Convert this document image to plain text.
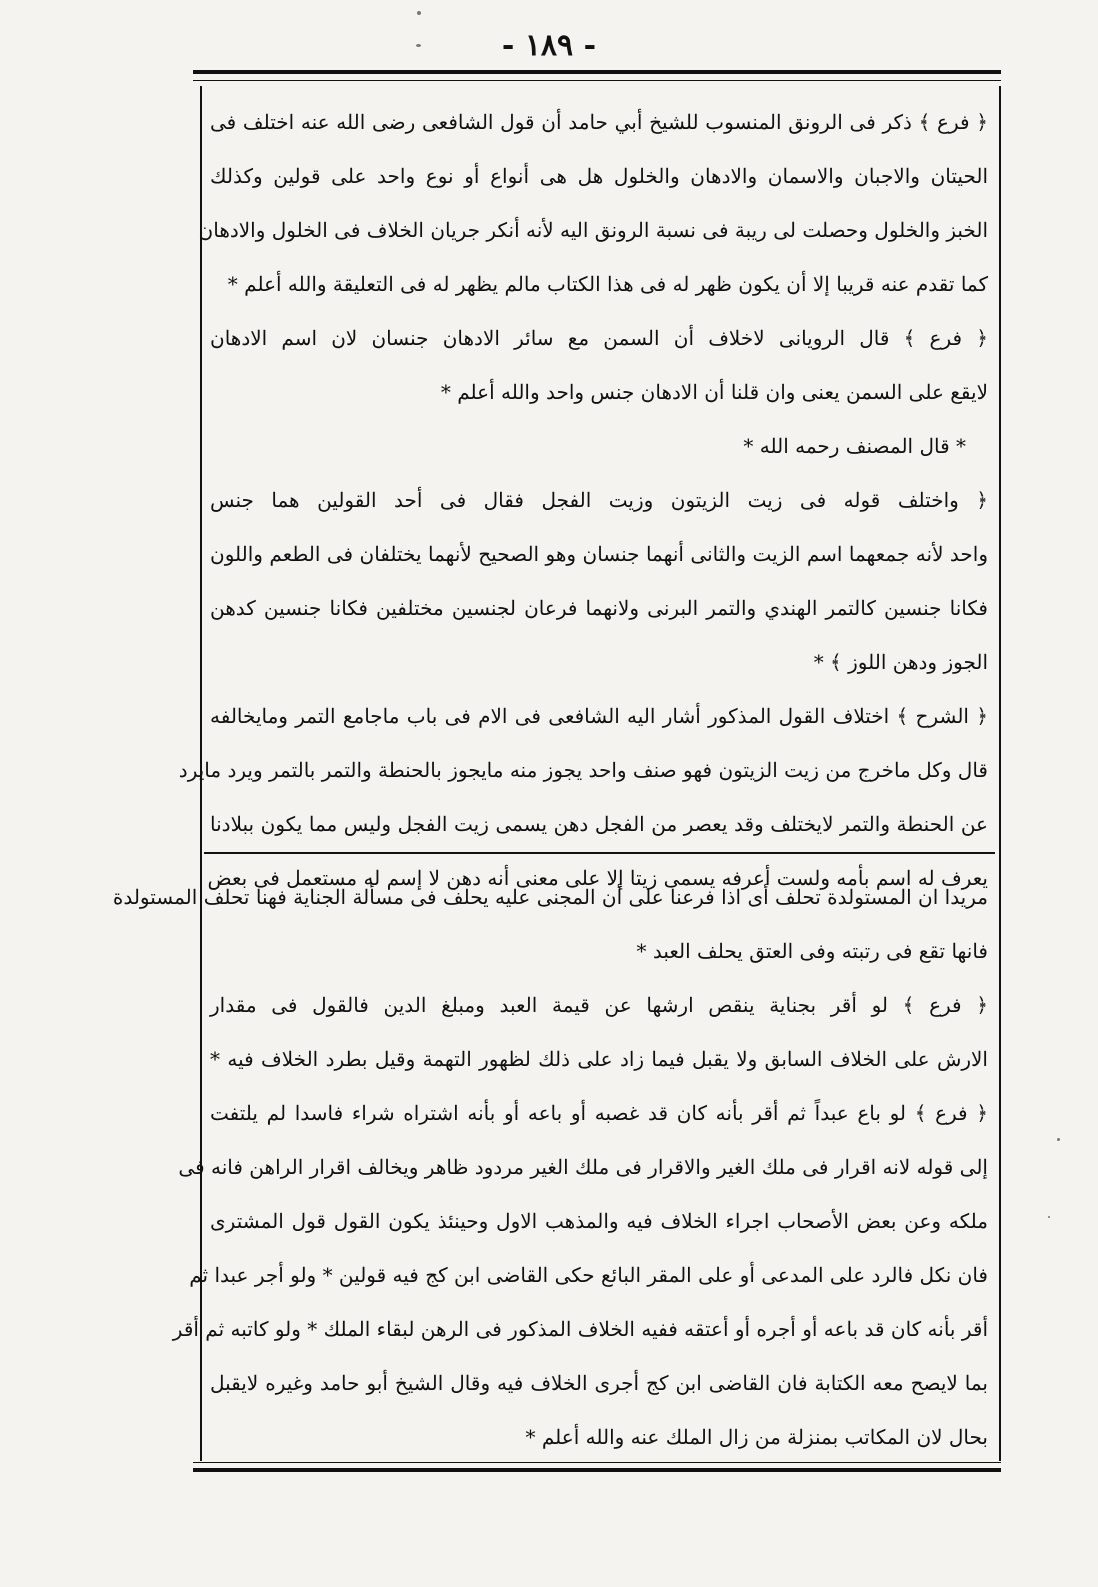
- ۱۸۹ -
﴿ فرع ﴾ ذكر فى الرونق المنسوب للشيخ أبي حامد أن قول الشافعى رضى الله عنه اختلف فى
الحيتان والاجبان والاسمان والادهان والخلول هل هى أنواع أو نوع واحد على قولين وكذلك
الخبز والخلول وحصلت لى ريبة فى نسبة الرونق اليه لأنه أنكر جريان الخلاف فى الخلول والادهان
كما تقدم عنه قريبا إلا أن يكون ظهر له فى هذا الكتاب مالم يظهر له فى التعليقة والله أعلم *
﴿ فرع ﴾ قال الرويانى لاخلاف أن السمن مع سائر الادهان جنسان لان اسم الادهان
لايقع على السمن يعنى وان قلنا أن الادهان جنس واحد والله أعلم *
* قال المصنف رحمه الله *
﴿ واختلف قوله فى زيت الزيتون وزيت الفجل فقال فى أحد القولين هما جنس
واحد لأنه جمعهما اسم الزيت والثانى أنهما جنسان وهو الصحيح لأنهما يختلفان فى الطعم واللون
فكانا جنسين كالتمر الهندي والتمر البرنى ولانهما فرعان لجنسين مختلفين فكانا جنسين كدهن
الجوز ودهن اللوز ﴾ *
﴿ الشرح ﴾ اختلاف القول المذكور أشار اليه الشافعى فى الام فى باب ماجامع التمر ومايخالفه
قال وكل ماخرج من زيت الزيتون فهو صنف واحد يجوز منه مايجوز بالحنطة والتمر بالتمر ويرد مايرد
عن الحنطة والتمر لايختلف وقد يعصر من الفجل دهن يسمى زيت الفجل وليس مما يكون ببلادنا
يعرف له اسم بأمه ولست أعرفه يسمى زيتا إلا على معنى أنه دهن لا إسم له مستعمل فى بعض
مريدا ان المستولدة تحلف أى اذا فرعنا على أن المجنى عليه يحلف فى مسألة الجناية فهنا تحلف المستولدة
فانها تقع فى رتبته وفى العتق يحلف العبد *
﴿ فرع ﴾ لو أقر بجناية ينقص ارشها عن قيمة العبد ومبلغ الدين فالقول فى مقدار
الارش على الخلاف السابق ولا يقبل فيما زاد على ذلك لظهور التهمة وقيل بطرد الخلاف فيه *
﴿ فرع ﴾ لو باع عبداً ثم أقر بأنه كان قد غصبه أو باعه أو بأنه اشتراه شراء فاسدا لم يلتفت
إلى قوله لانه اقرار فى ملك الغير والاقرار فى ملك الغير مردود ظاهر ويخالف اقرار الراهن فانه فى
ملكه وعن بعض الأصحاب اجراء الخلاف فيه والمذهب الاول وحينئذ يكون القول قول المشترى
فان نكل فالرد على المدعى أو على المقر البائع حكى القاضى ابن كج فيه قولين * ولو أجر عبدا ثم
أقر بأنه كان قد باعه أو أجره أو أعتقه ففيه الخلاف المذكور فى الرهن لبقاء الملك * ولو كاتبه ثم أقر
بما لايصح معه الكتابة فان القاضى ابن كج أجرى الخلاف فيه وقال الشيخ أبو حامد وغيره لايقبل
بحال لان المكاتب بمنزلة من زال الملك عنه والله أعلم *
